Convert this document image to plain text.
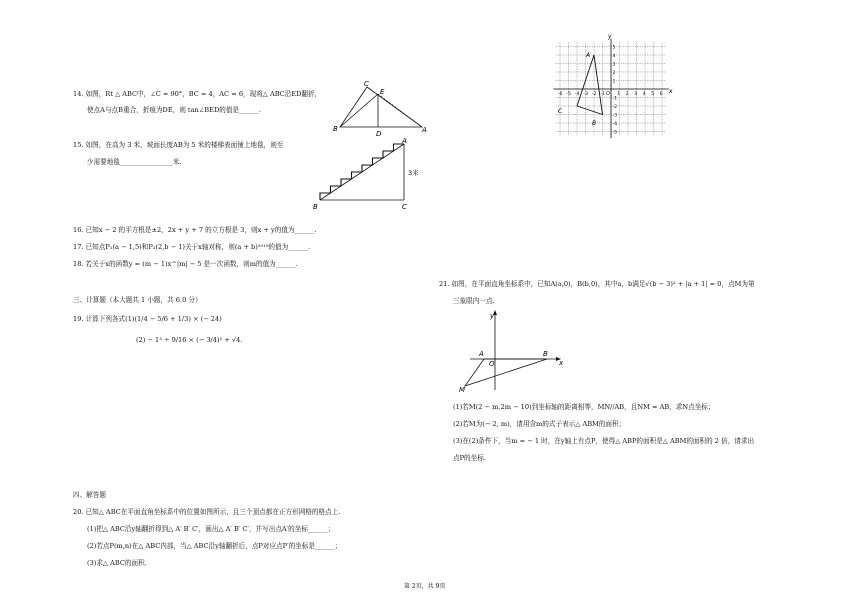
14. 如图，Rt △ ABC中，∠C = 90°，BC = 4，AC = 6，现将△ ABC沿ED翻折，
使点A与点B重合，折痕为DE，则 tan∠BED的值是______.
15. 如图，在高为 3 米，坡面长度AB为 5 米的楼梯表面铺上地毯，则至
少需要地毯________________米.
16. 已知x − 2 的平方根是±2，2x + y + 7 的立方根是 3，则x + y的值为______.
17. 已知点P₁(a − 1,5)和P₂(2,b − 1)关于x轴对称，则(a + b)²⁰¹⁹的值为______.
18. 若关于x的函数y = (m − 1)x^|m| − 5 是一次函数，则m的值为______.
三、计算题（本大题共 1 小题，共 6.0 分）
19. 计算下列各式(1)(1/4 − 5/6 + 1/3) × (− 24)
(2) − 1³ ÷ 9/16 × (− 3/4)² + √4.
四、解答题
20. 已知△ ABC在平面直角坐标系中的位置如图所示，且三个顶点都在正方形网格的格点上.
(1)把△ ABC沿y轴翻折得到△ A′ B′ C′，画出△ A′ B′ C′，并写出点A′的坐标______；
(2)若点P(m,n)在△ ABC内部，当△ ABC沿y轴翻折后，点P对应点P′的坐标是______；
(3)求△ ABC的面积.
21. 如图，在平面直角坐标系中，已知A(a,0)，B(b,0)，其中a，b满足√(b − 3)² + |a + 1| = 0，点M为第
三象限内一点.
(1)若M(2 − m,2m − 10)到坐标轴的距离相等，MN//AB，且NM = AB，求N点坐标；
(2)若M为(− 2, m)，请用含m的式子表示△ ABM的面积；
(3)在(2)条件下，当m = − 1 时，在y轴上有点P，使得△ ABP的面积是△ ABM的面积的 2 倍，请求出
点P的坐标.
B
C
E
D	A
B	C
A
3米
-6 -5 -4 -3 -2 -1	1 2 3 4 5 6
5
4
3
2
1
-1
-2
-3
-4
-5
O
y
x
A
C
B
y
x
O
A	B
M
第 2页，共 9页
